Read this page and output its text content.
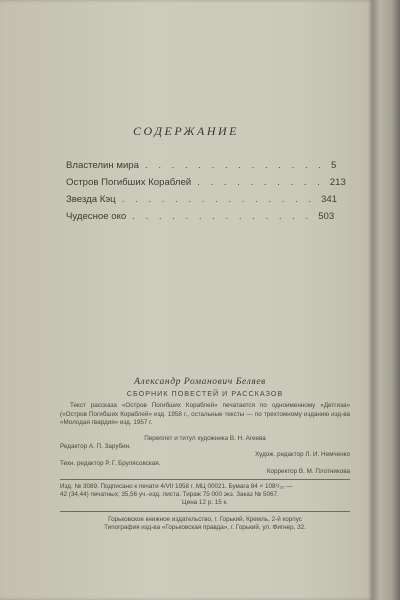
СОДЕРЖАНИЕ
Властелин мира . . . . . . . . . . . . . . 5
Остров Погибших Кораблей . . . . . . . . . . 213
Звезда Кэц . . . . . . . . . . . . . . . 341
Чудесное око . . . . . . . . . . . . . . 503
Александр Романович Беляев
СБОРНИК ПОВЕСТЕЙ И РАССКАЗОВ
Текст рассказа «Остров Погибших Кораблей» печатается по одноименному «Детгиза» («Остров Погибших Кораблей» изд. 1958 г., остальные тексты — по трехтомному изданию изд-ва «Молодая гвардия» изд. 1957 г.
Переплет и титул художника В. Н. Агеева
Редактор А. П. Зарубин.
Худож. редактор Л. И. Немченко
Техн. редактор Р. Г. Брулясовская.
Корректор В. М. Плотникова
Изд. № 3089. Подписано к печати 4/VII 1958 г. МЦ 00021. Бумага 84 × 108¹/₃₂ —
42 (34,44) печатных; 35,56 уч.-изд. листа. Тираж 75 000 экз. Заказ № 5067.
Цена 12 р. 15 к.
Горьковское книжное издательство, г. Горький, Кремль, 2-й корпус
Типография изд-ва «Горьковская правда», г. Горький, ул. Фигнер, 32.
